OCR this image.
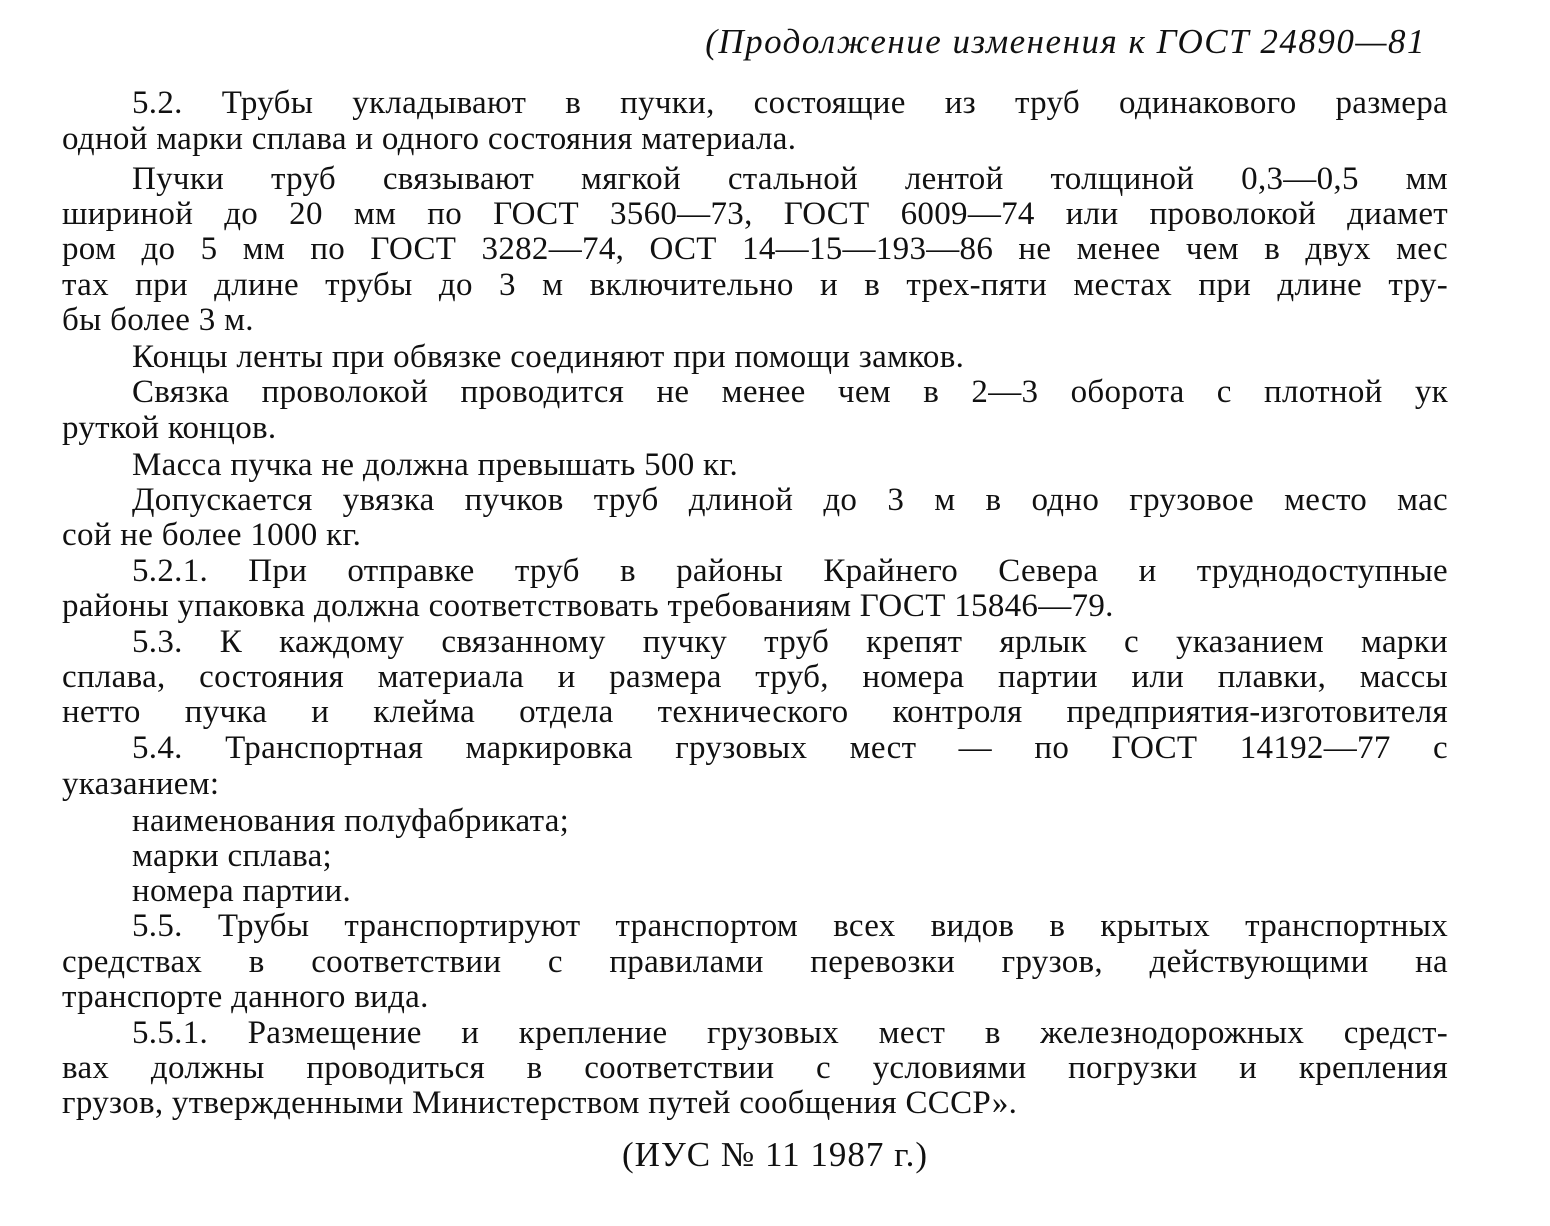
(Продолжение изменения к ГОСТ 24890—81
5.2. Трубы укладывают в пучки, состоящие из труб одинакового размера
одной марки сплава и одного состояния материала.
Пучки труб связывают мягкой стальной лентой толщиной 0,3—0,5 мм
шириной до 20 мм по ГОСТ 3560—73, ГОСТ 6009—74 или проволокой диамет
ром до 5 мм по ГОСТ 3282—74, ОСТ 14—15—193—86 не менее чем в двух мес
тах при длине трубы до 3 м включительно и в трех-пяти местах при длине тру-
бы более 3 м.
Концы ленты при обвязке соединяют при помощи замков.
Связка проволокой проводится не менее чем в 2—3 оборота с плотной ук
руткой концов.
Масса пучка не должна превышать 500 кг.
Допускается увязка пучков труб длиной до 3 м в одно грузовое место мас
сой не более 1000 кг.
5.2.1. При отправке труб в районы Крайнего Севера и труднодоступные
районы упаковка должна соответствовать требованиям ГОСТ 15846—79.
5.3. К каждому связанному пучку труб крепят ярлык с указанием марки
сплава, состояния материала и размера труб, номера партии или плавки, массы
нетто пучка и клейма отдела технического контроля предприятия-изготовителя
5.4. Транспортная маркировка грузовых мест — по ГОСТ 14192—77 с
указанием:
наименования полуфабриката;
марки сплава;
номера партии.
5.5. Трубы транспортируют транспортом всех видов в крытых транспортных
средствах в соответствии с правилами перевозки грузов, действующими на
транспорте данного вида.
5.5.1. Размещение и крепление грузовых мест в железнодорожных средст-
вах должны проводиться в соответствии с условиями погрузки и крепления
грузов, утвержденными Министерством путей сообщения СССР».
(ИУС № 11 1987 г.)
